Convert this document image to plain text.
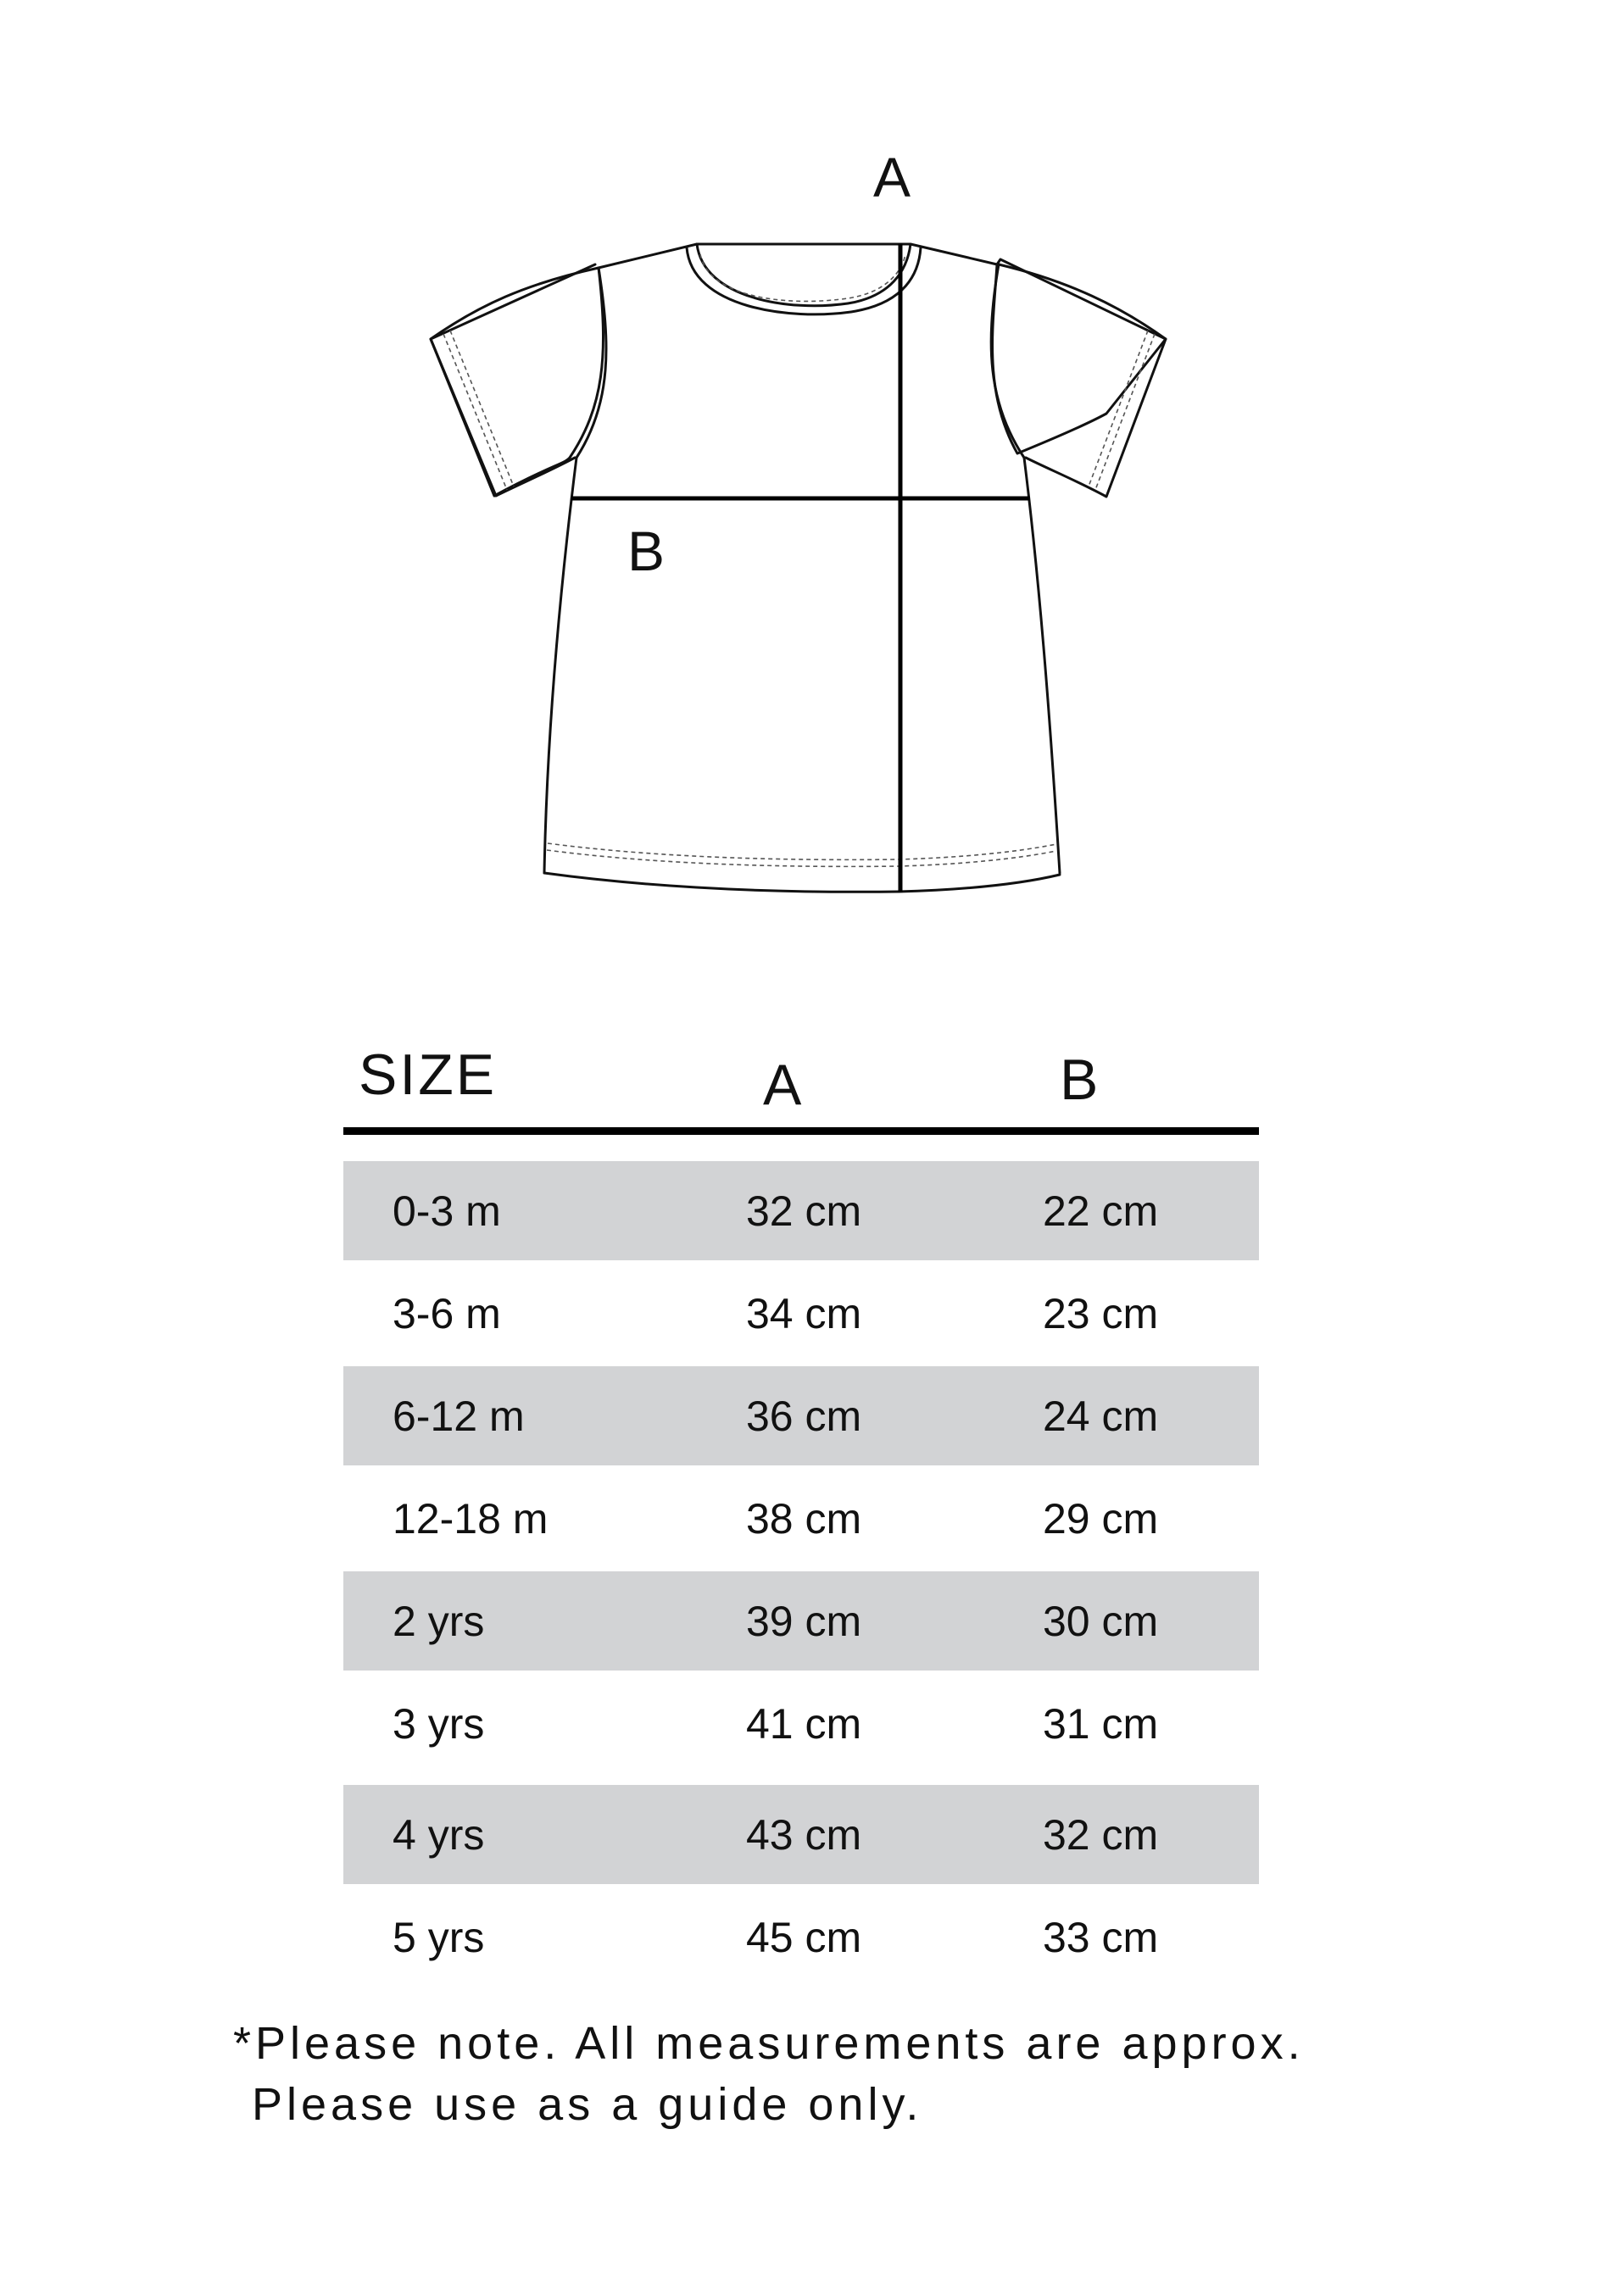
A
B
SIZE	A	B
0-3 m	32 cm	22 cm
3-6 m	34 cm	23 cm
6-12 m	36 cm	24 cm
12-18 m	38 cm	29 cm
2 yrs	39 cm	30 cm
3 yrs	41 cm	31 cm
4 yrs	43 cm	32 cm
5 yrs	45 cm	33 cm
*Please note. All measurements are approx.
Please use as a guide only.
